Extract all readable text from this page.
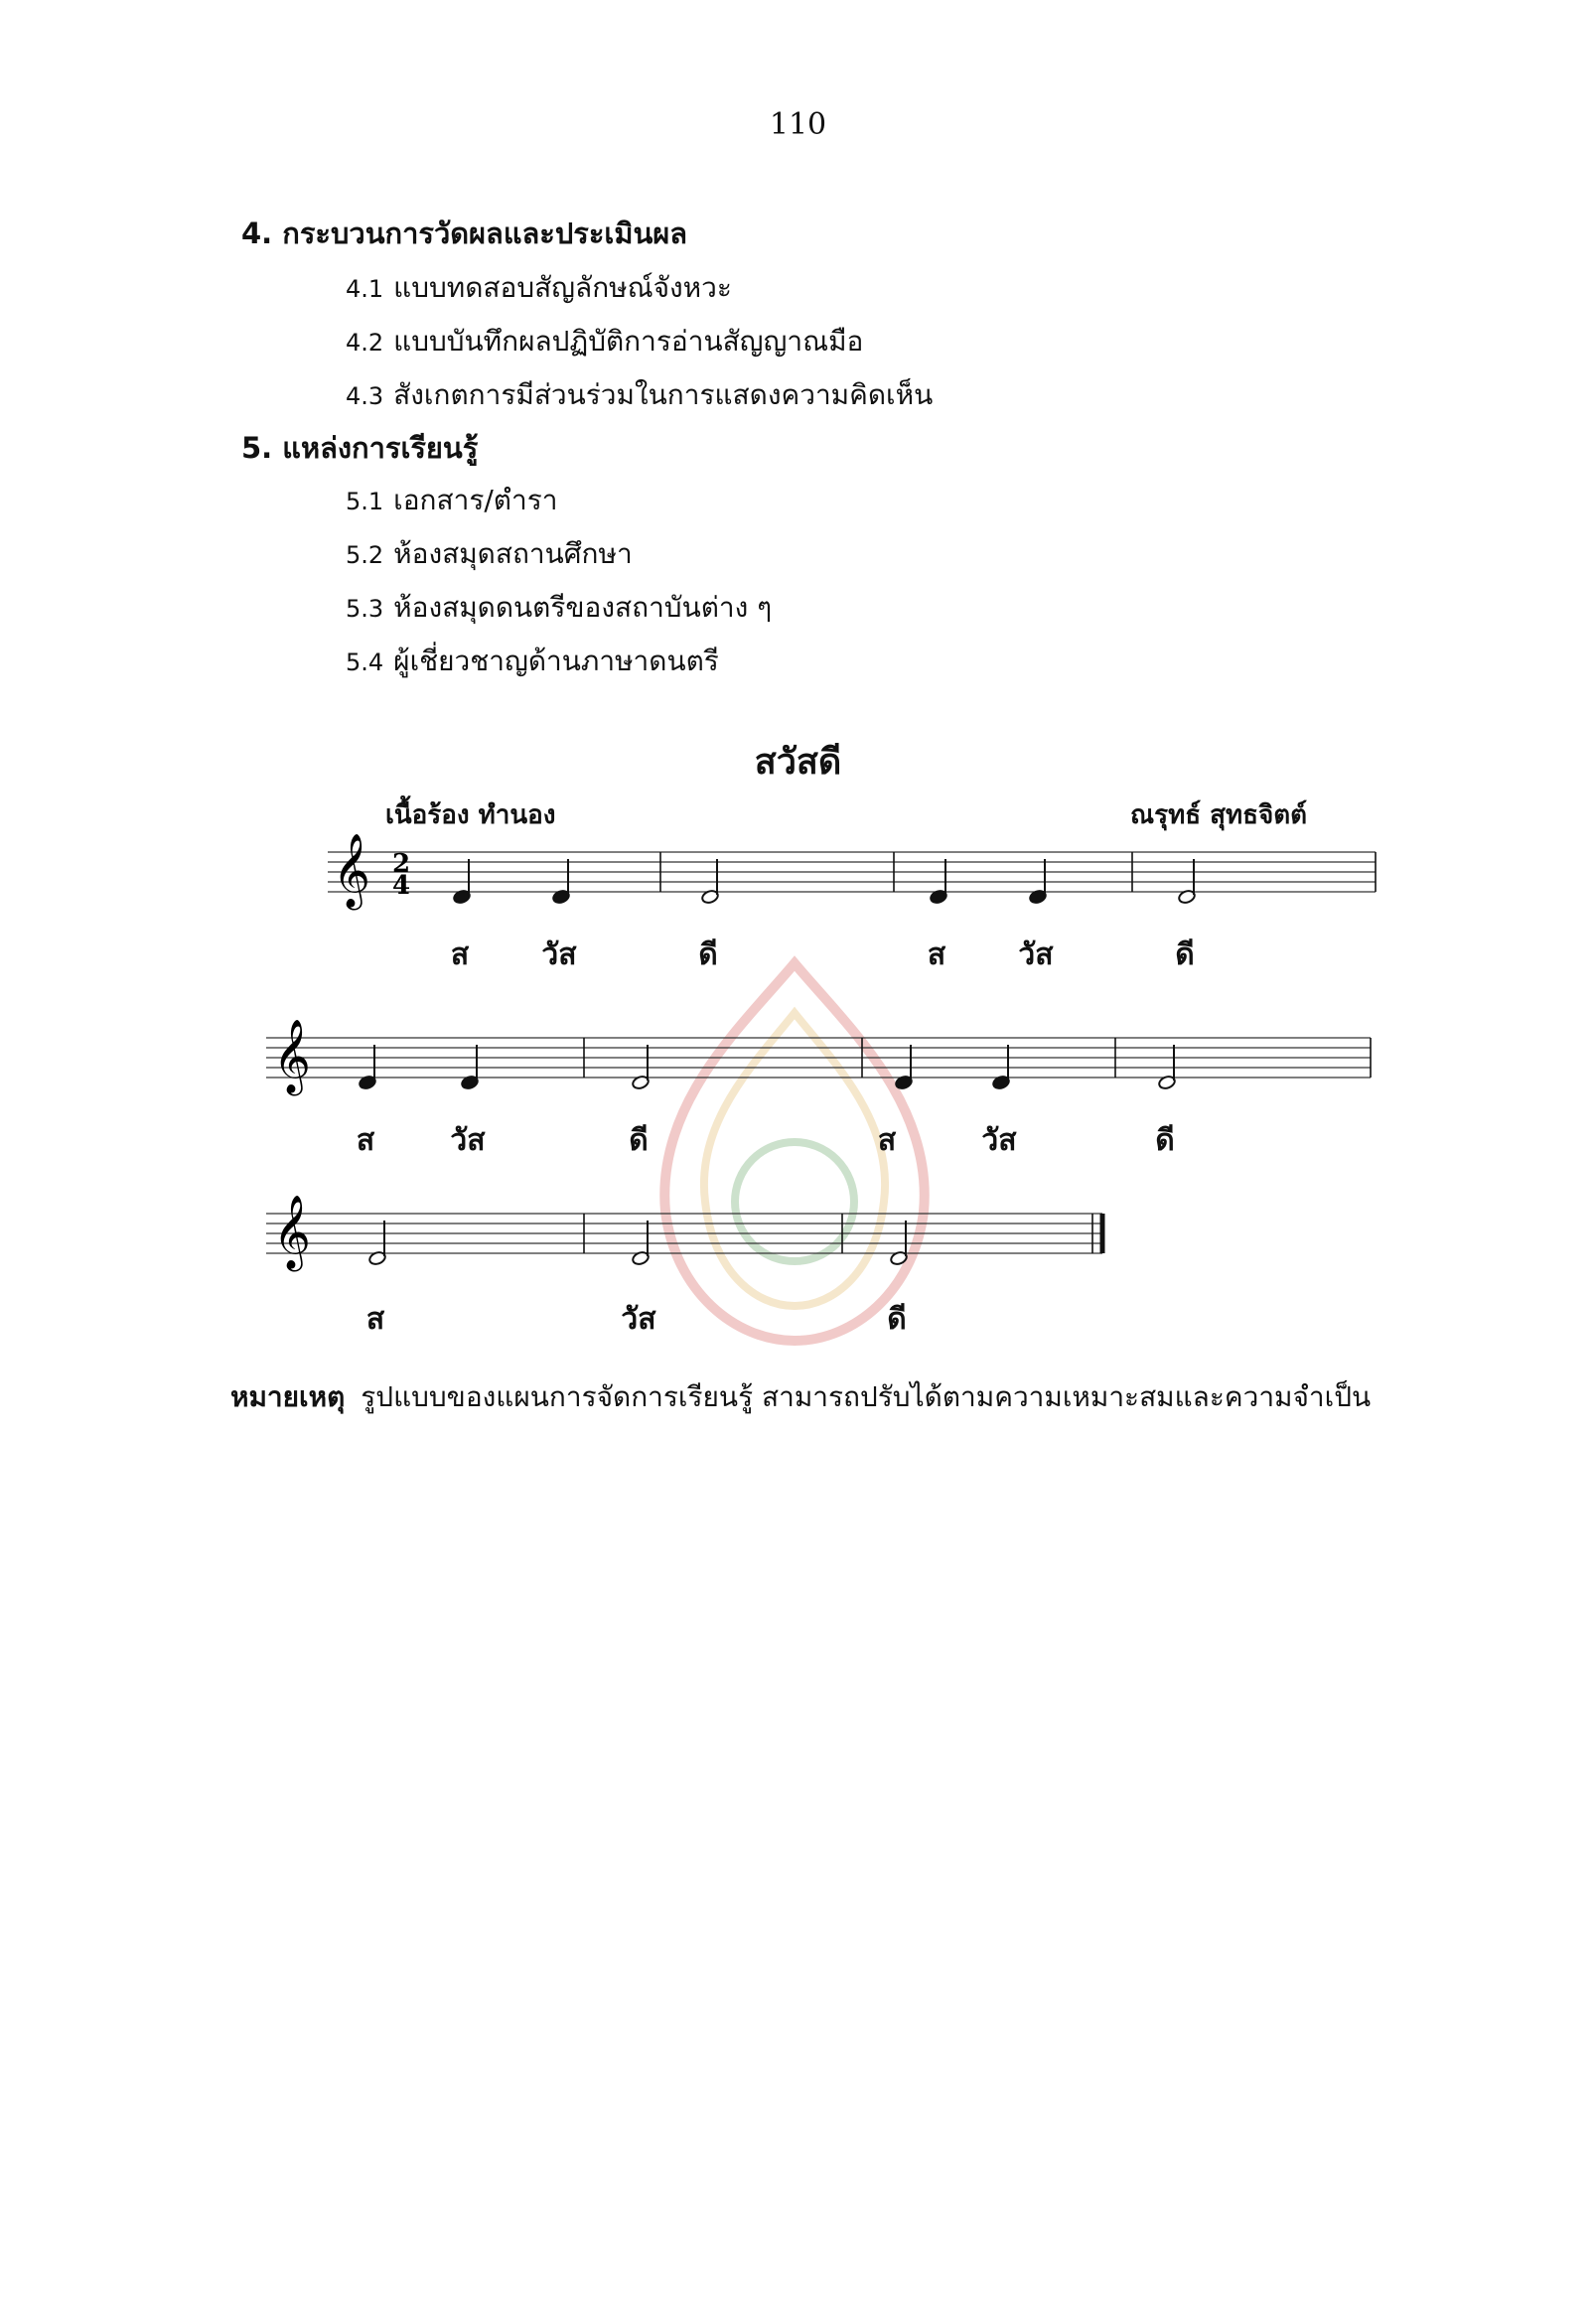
110
4. กระบวนการวัดผลและประเมินผล
4.1 แบบทดสอบสัญลักษณ์จังหวะ
4.2 แบบบันทึกผลปฏิบัติการอ่านสัญญาณมือ
4.3 สังเกตการมีส่วนร่วมในการแสดงความคิดเห็น
5. แหล่งการเรียนรู้
5.1 เอกสาร/ตำรา
5.2 ห้องสมุดสถานศึกษา
5.3 ห้องสมุดดนตรีของสถาบันต่าง ๆ
5.4 ผู้เชี่ยวชาญด้านภาษาดนตรี
สวัสดี
เนื้อร้อง ทำนอง	ณรุทธ์ สุทธจิตต์
𝄞
𝄞
𝄞
2
4
ส วัส	ดี	ส วัส	ดี
ส	วัส	ดี	ส	วัส	ดี
ส	วัส	ดี
หมายเหตุ รูปแบบของแผนการจัดการเรียนรู้ สามารถปรับได้ตามความเหมาะสมและความจำเป็น
